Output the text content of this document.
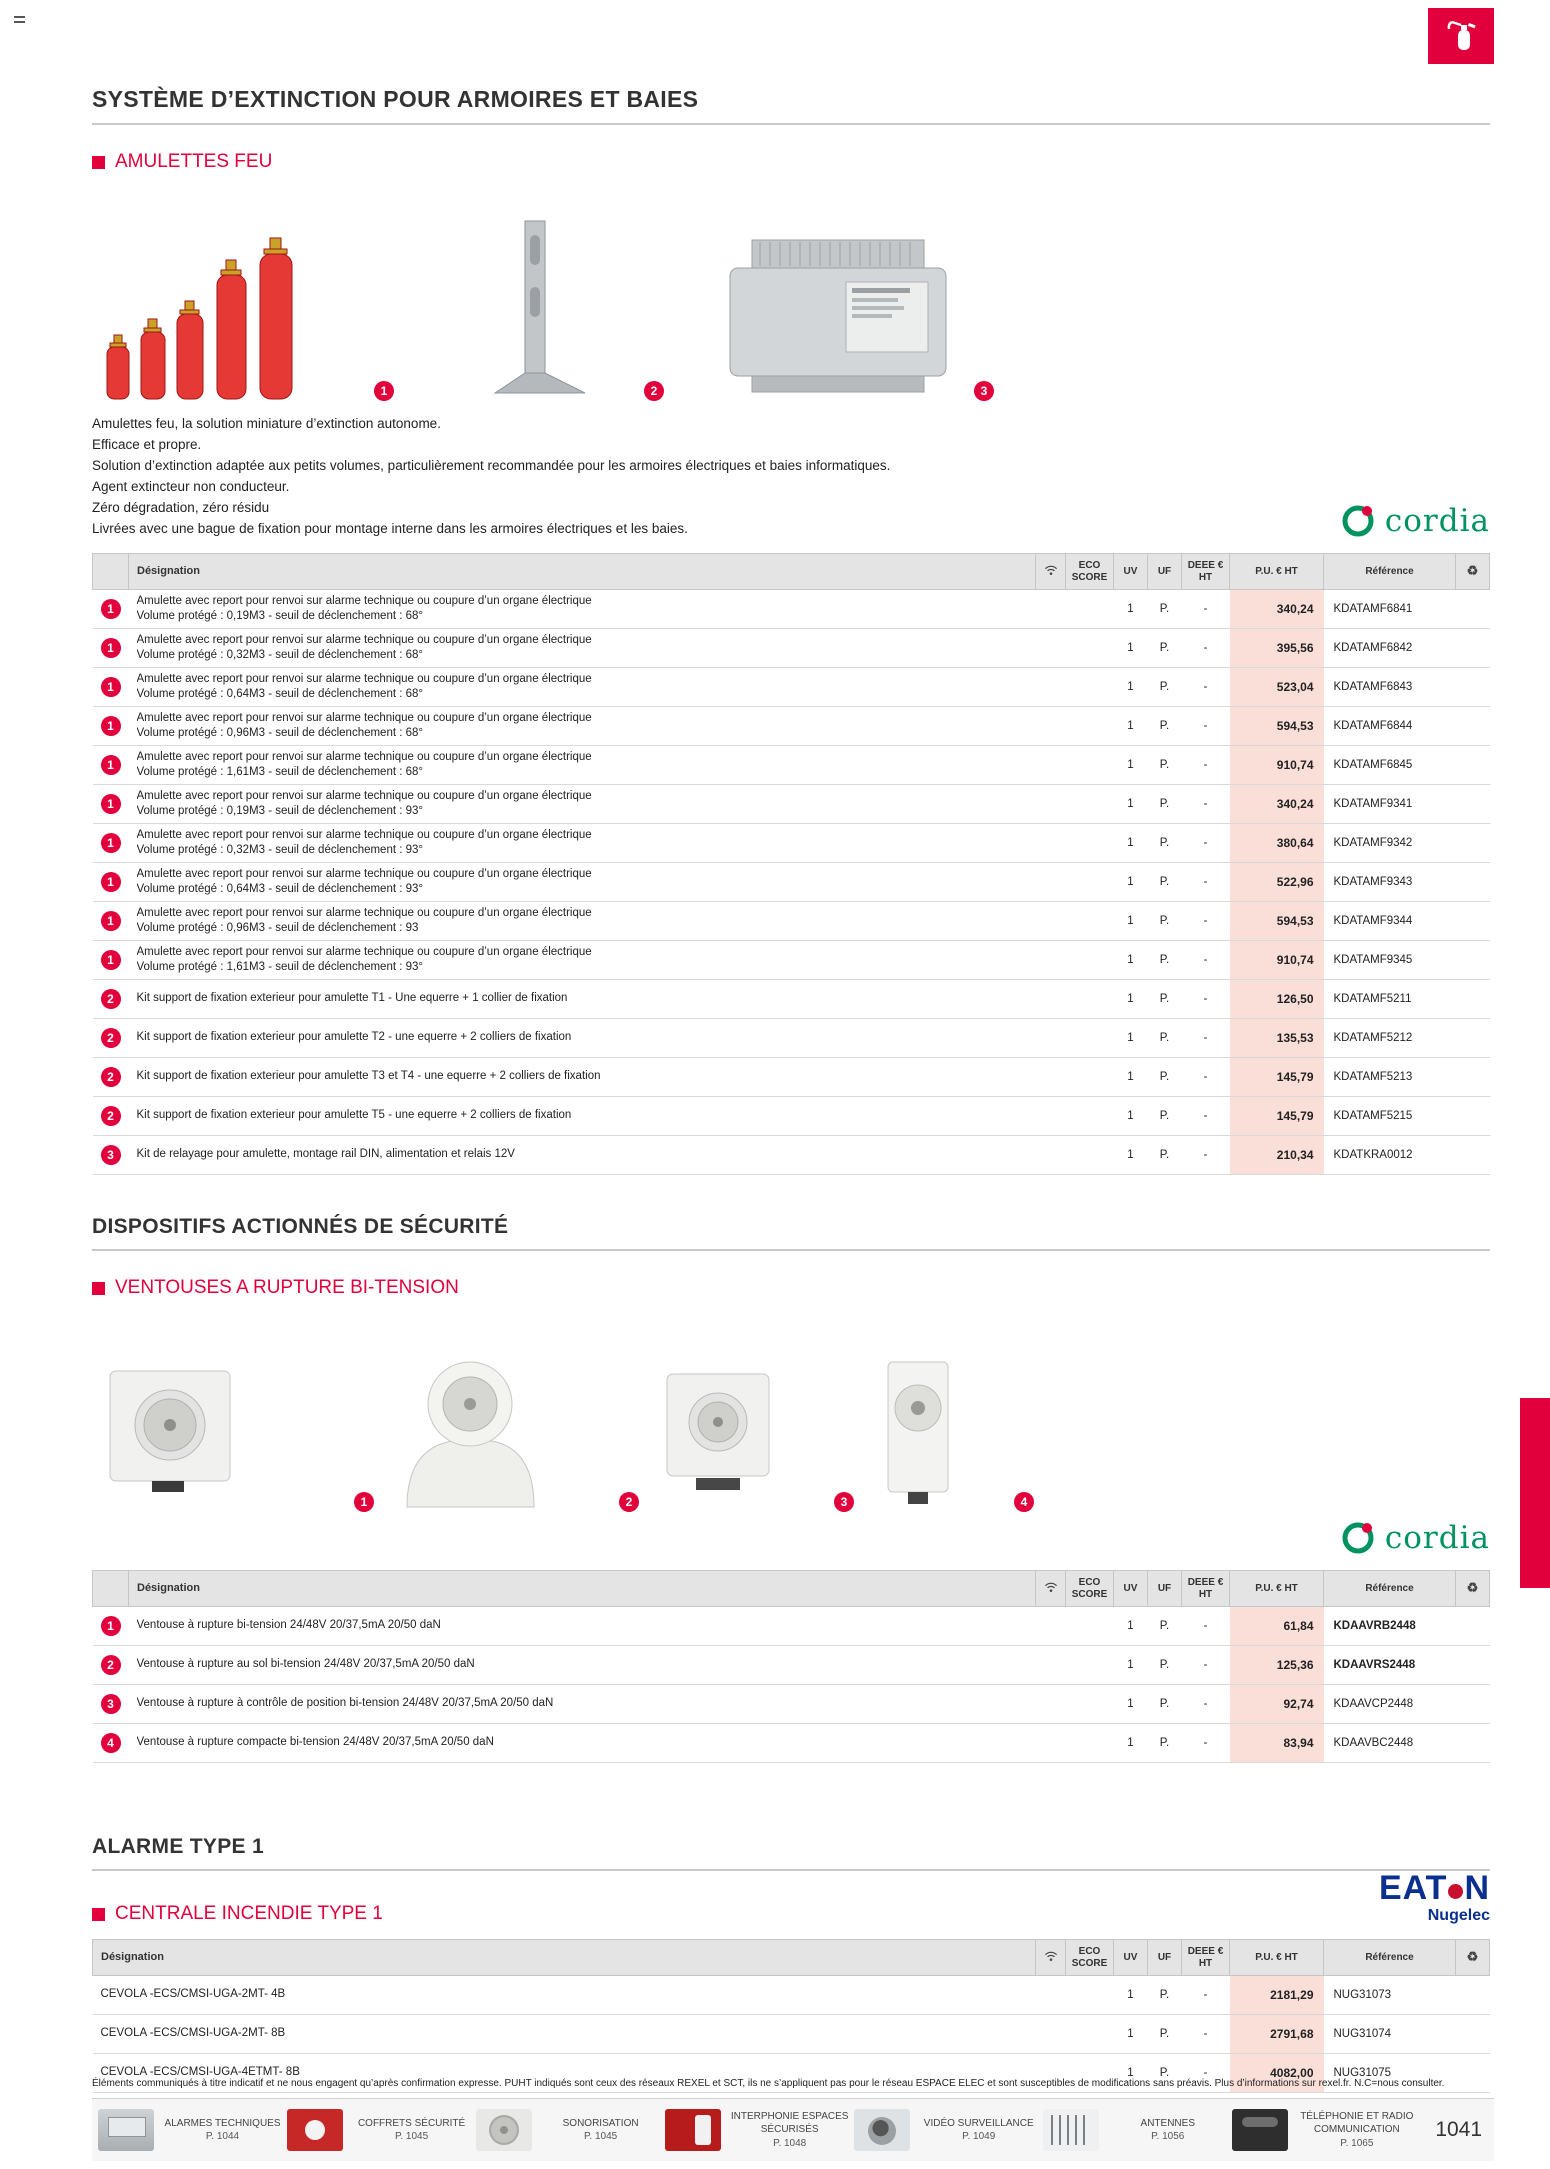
SYSTÈME D’EXTINCTION POUR ARMOIRES ET BAIES
AMULETTES FEU
1	2	3
Amulettes feu, la solution miniature d’extinction autonome.
Efficace et propre.
Solution d’extinction adaptée aux petits volumes, particulièrement recommandée pour les armoires électriques et baies informatiques.
Agent extincteur non conducteur.
Zéro dégradation, zéro résidu
Livrées avec une bague de fixation pour montage interne dans les armoires électriques et les baies.	cordia
	Désignation		ECO SCORE	UV	UF	DEEE € HT	P.U. € HT	Référence	♻
1	Amulette avec report pour renvoi sur alarme technique ou coupure d’un organe électrique
Volume protégé : 0,19M3 - seuil de déclenchement : 68°			1	P.	-	340,24	KDATAMF6841	
1	Amulette avec report pour renvoi sur alarme technique ou coupure d’un organe électrique
Volume protégé : 0,32M3 - seuil de déclenchement : 68°			1	P.	-	395,56	KDATAMF6842	
1	Amulette avec report pour renvoi sur alarme technique ou coupure d’un organe électrique
Volume protégé : 0,64M3 - seuil de déclenchement : 68°			1	P.	-	523,04	KDATAMF6843	
1	Amulette avec report pour renvoi sur alarme technique ou coupure d’un organe électrique
Volume protégé : 0,96M3 - seuil de déclenchement : 68°			1	P.	-	594,53	KDATAMF6844	
1	Amulette avec report pour renvoi sur alarme technique ou coupure d’un organe électrique
Volume protégé : 1,61M3 - seuil de déclenchement : 68°			1	P.	-	910,74	KDATAMF6845	
1	Amulette avec report pour renvoi sur alarme technique ou coupure d’un organe électrique
Volume protégé : 0,19M3 - seuil de déclenchement : 93°			1	P.	-	340,24	KDATAMF9341	
1	Amulette avec report pour renvoi sur alarme technique ou coupure d’un organe électrique
Volume protégé : 0,32M3 - seuil de déclenchement : 93°			1	P.	-	380,64	KDATAMF9342	
1	Amulette avec report pour renvoi sur alarme technique ou coupure d’un organe électrique
Volume protégé : 0,64M3 - seuil de déclenchement : 93°			1	P.	-	522,96	KDATAMF9343	
1	Amulette avec report pour renvoi sur alarme technique ou coupure d’un organe électrique
Volume protégé : 0,96M3 - seuil de déclenchement : 93			1	P.	-	594,53	KDATAMF9344	
1	Amulette avec report pour renvoi sur alarme technique ou coupure d’un organe électrique
Volume protégé : 1,61M3 - seuil de déclenchement : 93°			1	P.	-	910,74	KDATAMF9345	
2	Kit support de fixation exterieur pour amulette T1 - Une equerre + 1 collier de fixation			1	P.	-	126,50	KDATAMF5211	
2	Kit support de fixation exterieur pour amulette T2 - une equerre + 2 colliers de fixation			1	P.	-	135,53	KDATAMF5212	
2	Kit support de fixation exterieur pour amulette T3 et T4 - une equerre + 2 colliers de fixation			1	P.	-	145,79	KDATAMF5213	
2	Kit support de fixation exterieur pour amulette T5 - une equerre + 2 colliers de fixation			1	P.	-	145,79	KDATAMF5215	
3	Kit de relayage pour amulette, montage rail DIN, alimentation et relais 12V			1	P.	-	210,34	KDATKRA0012	
DISPOSITIFS ACTIONNÉS DE SÉCURITÉ
VENTOUSES A RUPTURE BI-TENSION
1	2	3	4
cordia
	Désignation		ECO SCORE	UV	UF	DEEE € HT	P.U. € HT	Référence	♻
1	Ventouse à rupture bi-tension 24/48V 20/37,5mA 20/50 daN			1	P.	-	61,84	KDAAVRB2448	
2	Ventouse à rupture au sol bi-tension 24/48V 20/37,5mA 20/50 daN			1	P.	-	125,36	KDAAVRS2448	
3	Ventouse à rupture à contrôle de position bi-tension 24/48V 20/37,5mA 20/50 daN			1	P.	-	92,74	KDAAVCP2448	
4	Ventouse à rupture compacte bi-tension 24/48V 20/37,5mA 20/50 daN			1	P.	-	83,94	KDAAVBC2448	
ALARME TYPE 1
CENTRALE INCENDIE TYPE 1
EAT N
Nugelec
Désignation		ECO SCORE	UV	UF	DEEE € HT	P.U. € HT	Référence	♻

CEVOLA -ECS/CMSI-UGA-2MT- 4B			1	P.	-	2181,29	NUG31073	

CEVOLA -ECS/CMSI-UGA-2MT- 8B			1	P.	-	2791,68	NUG31074	

CEVOLA -ECS/CMSI-UGA-4ETMT- 8B			1	P.	-	4082,00	NUG31075	
Éléments communiqués à titre indicatif et ne nous engagent qu’après confirmation expresse. PUHT indiqués sont ceux des réseaux REXEL et SCT, ils ne s’appliquent pas pour le réseau ESPACE ELEC et sont susceptibles de modifications sans préavis. Plus d’informations sur rexel.fr. N.C=nous consulter.
ALARMES TECHNIQUES
P. 1044
COFFRETS SÉCURITÉ
P. 1045
SONORISATION
P. 1045
INTERPHONIE ESPACES SÉCURISÉS
P. 1048
VIDÉO SURVEILLANCE
P. 1049
ANTENNES
P. 1056
TÉLÉPHONIE ET RADIO COMMUNICATION
P. 1065
1041
